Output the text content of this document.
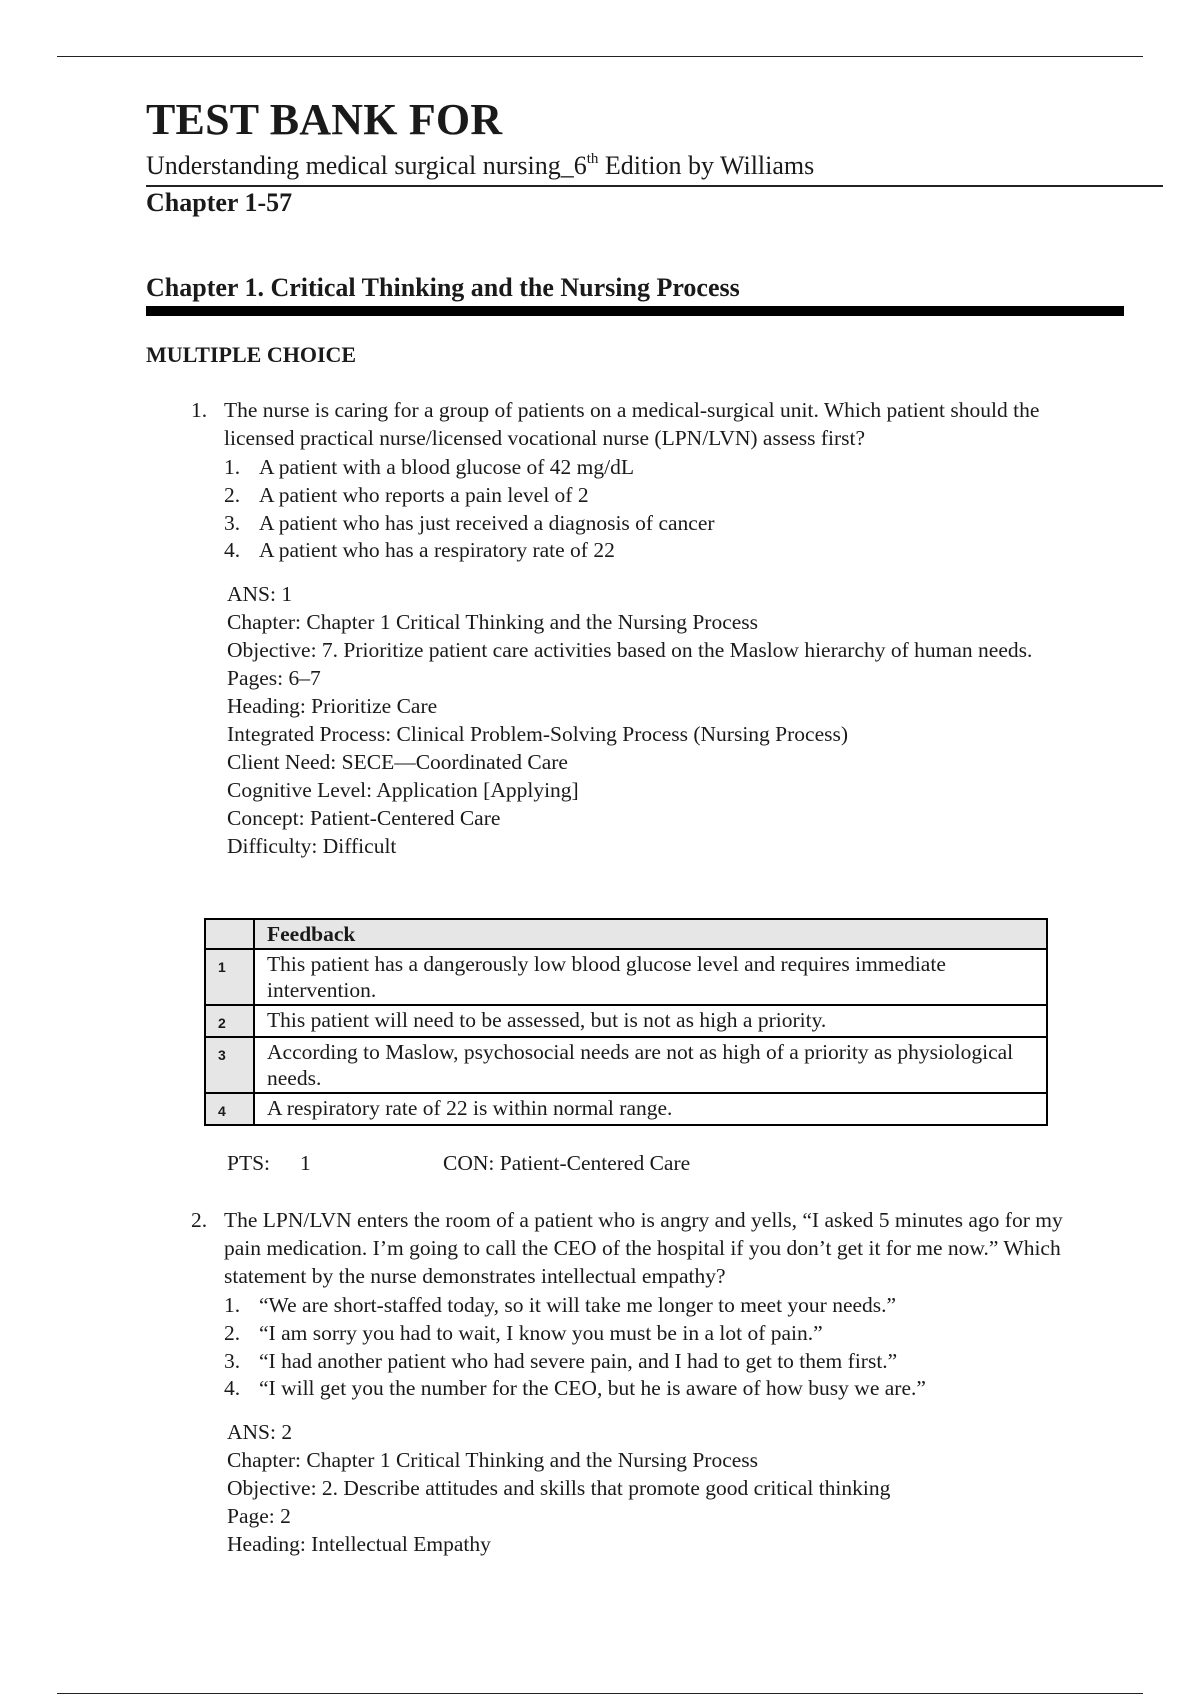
TEST BANK FOR
Understanding medical surgical nursing_6th Edition by Williams
Chapter 1-57
Chapter 1. Critical Thinking and the Nursing Process
MULTIPLE CHOICE
1. The nurse is caring for a group of patients on a medical-surgical unit. Which patient should the licensed practical nurse/licensed vocational nurse (LPN/LVN) assess first?
1. A patient with a blood glucose of 42 mg/dL
2. A patient who reports a pain level of 2
3. A patient who has just received a diagnosis of cancer
4. A patient who has a respiratory rate of 22
ANS: 1
Chapter: Chapter 1 Critical Thinking and the Nursing Process
Objective: 7. Prioritize patient care activities based on the Maslow hierarchy of human needs.
Pages: 6–7
Heading: Prioritize Care
Integrated Process: Clinical Problem-Solving Process (Nursing Process)
Client Need: SECE—Coordinated Care
Cognitive Level: Application [Applying]
Concept: Patient-Centered Care
Difficulty: Difficult
	Feedback
1	This patient has a dangerously low blood glucose level and requires immediate intervention.
2	This patient will need to be assessed, but is not as high a priority.
3	According to Maslow, psychosocial needs are not as high of a priority as physiological needs.
4	A respiratory rate of 22 is within normal range.
PTS: 1	CON: Patient-Centered Care
2. The LPN/LVN enters the room of a patient who is angry and yells, “I asked 5 minutes ago for my pain medication. I’m going to call the CEO of the hospital if you don’t get it for me now.” Which statement by the nurse demonstrates intellectual empathy?
1. “We are short-staffed today, so it will take me longer to meet your needs.”
2. “I am sorry you had to wait, I know you must be in a lot of pain.”
3. “I had another patient who had severe pain, and I had to get to them first.”
4. “I will get you the number for the CEO, but he is aware of how busy we are.”
ANS: 2
Chapter: Chapter 1 Critical Thinking and the Nursing Process
Objective: 2. Describe attitudes and skills that promote good critical thinking
Page: 2
Heading: Intellectual Empathy
